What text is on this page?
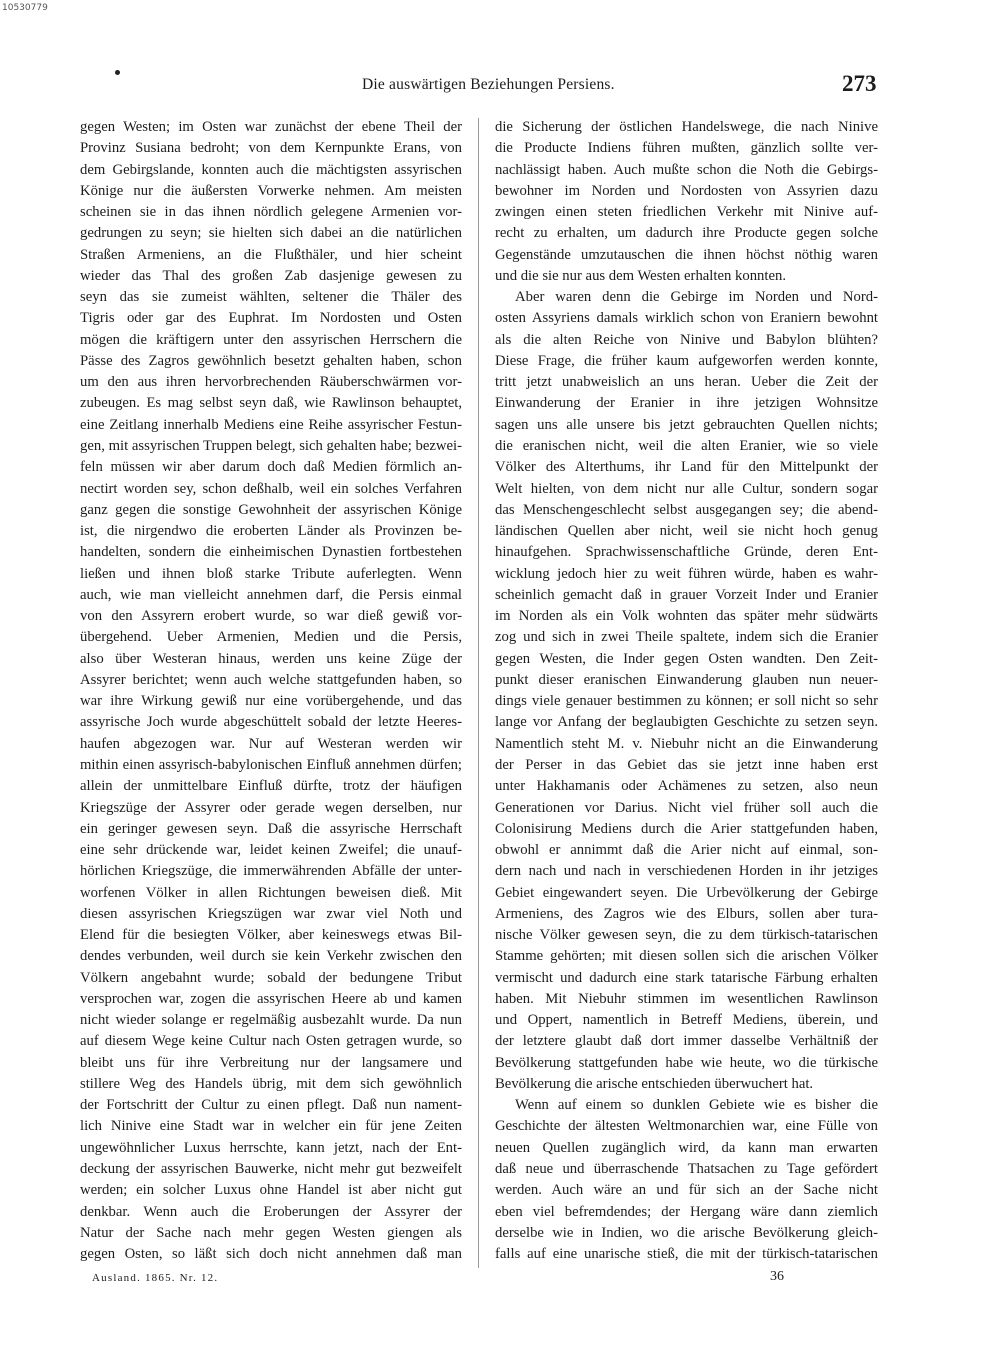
10530779
Die auswärtigen Beziehungen Persiens.	273
gegen Westen; im Osten war zunächst der ebene Theil der
Provinz Susiana bedroht; von dem Kernpunkte Erans, von
dem Gebirgslande, konnten auch die mächtigsten assyrischen
Könige nur die äußersten Vorwerke nehmen. Am meisten
scheinen sie in das ihnen nördlich gelegene Armenien vor-
gedrungen zu seyn; sie hielten sich dabei an die natürlichen
Straßen Armeniens, an die Flußthäler, und hier scheint
wieder das Thal des großen Zab dasjenige gewesen zu
seyn das sie zumeist wählten, seltener die Thäler des
Tigris oder gar des Euphrat. Im Nordosten und Osten
mögen die kräftigern unter den assyrischen Herrschern die
Pässe des Zagros gewöhnlich besetzt gehalten haben, schon
um den aus ihren hervorbrechenden Räuberschwärmen vor-
zubeugen. Es mag selbst seyn daß, wie Rawlinson behauptet,
eine Zeitlang innerhalb Mediens eine Reihe assyrischer Festun-
gen, mit assyrischen Truppen belegt, sich gehalten habe; bezwei-
feln müssen wir aber darum doch daß Medien förmlich an-
nectirt worden sey, schon deßhalb, weil ein solches Verfahren
ganz gegen die sonstige Gewohnheit der assyrischen Könige
ist, die nirgendwo die eroberten Länder als Provinzen be-
handelten, sondern die einheimischen Dynastien fortbestehen
ließen und ihnen bloß starke Tribute auferlegten. Wenn
auch, wie man vielleicht annehmen darf, die Persis einmal
von den Assyrern erobert wurde, so war dieß gewiß vor-
übergehend. Ueber Armenien, Medien und die Persis,
also über Westeran hinaus, werden uns keine Züge der
Assyrer berichtet; wenn auch welche stattgefunden haben, so
war ihre Wirkung gewiß nur eine vorübergehende, und das
assyrische Joch wurde abgeschüttelt sobald der letzte Heeres-
haufen abgezogen war. Nur auf Westeran werden wir
mithin einen assyrisch-babylonischen Einfluß annehmen dürfen;
allein der unmittelbare Einfluß dürfte, trotz der häufigen
Kriegszüge der Assyrer oder gerade wegen derselben, nur
ein geringer gewesen seyn. Daß die assyrische Herrschaft
eine sehr drückende war, leidet keinen Zweifel; die unauf-
hörlichen Kriegszüge, die immerwährenden Abfälle der unter-
worfenen Völker in allen Richtungen beweisen dieß. Mit
diesen assyrischen Kriegszügen war zwar viel Noth und
Elend für die besiegten Völker, aber keineswegs etwas Bil-
dendes verbunden, weil durch sie kein Verkehr zwischen den
Völkern angebahnt wurde; sobald der bedungene Tribut
versprochen war, zogen die assyrischen Heere ab und kamen
nicht wieder solange er regelmäßig ausbezahlt wurde. Da nun
auf diesem Wege keine Cultur nach Osten getragen wurde, so
bleibt uns für ihre Verbreitung nur der langsamere und
stillere Weg des Handels übrig, mit dem sich gewöhnlich
der Fortschritt der Cultur zu einen pflegt. Daß nun nament-
lich Ninive eine Stadt war in welcher ein für jene Zeiten
ungewöhnlicher Luxus herrschte, kann jetzt, nach der Ent-
deckung der assyrischen Bauwerke, nicht mehr gut bezweifelt
werden; ein solcher Luxus ohne Handel ist aber nicht gut
denkbar. Wenn auch die Eroberungen der Assyrer der
Natur der Sache nach mehr gegen Westen giengen als
gegen Osten, so läßt sich doch nicht annehmen daß man
die Sicherung der östlichen Handelswege, die nach Ninive
die Producte Indiens führen mußten, gänzlich sollte ver-
nachlässigt haben. Auch mußte schon die Noth die Gebirgs-
bewohner im Norden und Nordosten von Assyrien dazu
zwingen einen steten friedlichen Verkehr mit Ninive auf-
recht zu erhalten, um dadurch ihre Producte gegen solche
Gegenstände umzutauschen die ihnen höchst nöthig waren
und die sie nur aus dem Westen erhalten konnten.
Aber waren denn die Gebirge im Norden und Nord-
osten Assyriens damals wirklich schon von Eraniern bewohnt
als die alten Reiche von Ninive und Babylon blühten?
Diese Frage, die früher kaum aufgeworfen werden konnte,
tritt jetzt unabweislich an uns heran. Ueber die Zeit der
Einwanderung der Eranier in ihre jetzigen Wohnsitze
sagen uns alle unsere bis jetzt gebrauchten Quellen nichts;
die eranischen nicht, weil die alten Eranier, wie so viele
Völker des Alterthums, ihr Land für den Mittelpunkt der
Welt hielten, von dem nicht nur alle Cultur, sondern sogar
das Menschengeschlecht selbst ausgegangen sey; die abend-
ländischen Quellen aber nicht, weil sie nicht hoch genug
hinaufgehen. Sprachwissenschaftliche Gründe, deren Ent-
wicklung jedoch hier zu weit führen würde, haben es wahr-
scheinlich gemacht daß in grauer Vorzeit Inder und Eranier
im Norden als ein Volk wohnten das später mehr südwärts
zog und sich in zwei Theile spaltete, indem sich die Eranier
gegen Westen, die Inder gegen Osten wandten. Den Zeit-
punkt dieser eranischen Einwanderung glauben nun neuer-
dings viele genauer bestimmen zu können; er soll nicht so sehr
lange vor Anfang der beglaubigten Geschichte zu setzen seyn.
Namentlich steht M. v. Niebuhr nicht an die Einwanderung
der Perser in das Gebiet das sie jetzt inne haben erst
unter Hakhamanis oder Achämenes zu setzen, also neun
Generationen vor Darius. Nicht viel früher soll auch die
Colonisirung Mediens durch die Arier stattgefunden haben,
obwohl er annimmt daß die Arier nicht auf einmal, son-
dern nach und nach in verschiedenen Horden in ihr jetziges
Gebiet eingewandert seyen. Die Urbevölkerung der Gebirge
Armeniens, des Zagros wie des Elburs, sollen aber tura-
nische Völker gewesen seyn, die zu dem türkisch-tatarischen
Stamme gehörten; mit diesen sollen sich die arischen Völker
vermischt und dadurch eine stark tatarische Färbung erhalten
haben. Mit Niebuhr stimmen im wesentlichen Rawlinson
und Oppert, namentlich in Betreff Mediens, überein, und
der letztere glaubt daß dort immer dasselbe Verhältniß der
Bevölkerung stattgefunden habe wie heute, wo die türkische
Bevölkerung die arische entschieden überwuchert hat.
Wenn auf einem so dunklen Gebiete wie es bisher die
Geschichte der ältesten Weltmonarchien war, eine Fülle von
neuen Quellen zugänglich wird, da kann man erwarten
daß neue und überraschende Thatsachen zu Tage gefördert
werden. Auch wäre an und für sich an der Sache nicht
eben viel befremdendes; der Hergang wäre dann ziemlich
derselbe wie in Indien, wo die arische Bevölkerung gleich-
falls auf eine unarische stieß, die mit der türkisch-tatarischen
Ausland. 1865. Nr. 12.	36
